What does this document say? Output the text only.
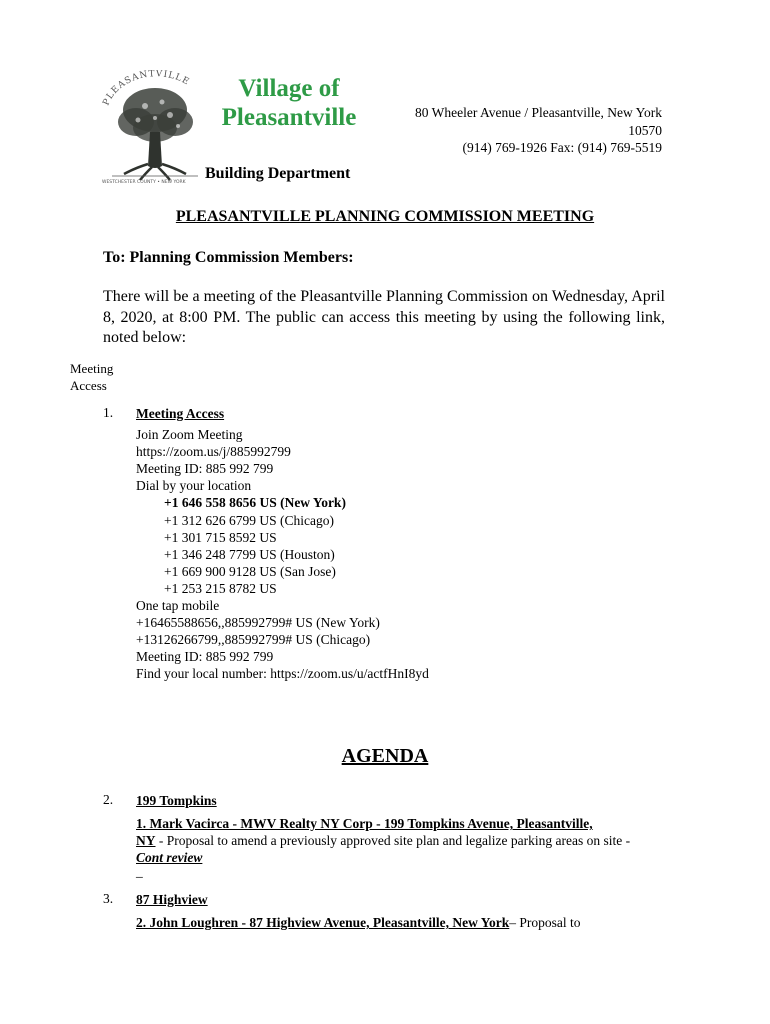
PLEASANTVILLE
WESTCHESTER COUNTY • NEW YORK
Village of
Pleasantville	80 Wheeler Avenue / Pleasantville, New York
10570
(914) 769-1926 Fax: (914) 769-5519
Building Department
PLEASANTVILLE PLANNING COMMISSION MEETING
To: Planning Commission Members:
There will be a meeting of the Pleasantville Planning Commission on Wednesday, April 8, 2020, at 8:00 PM. The public can access this meeting by using the following link, noted below:
Meeting
Access
1. Meeting Access
Join Zoom Meeting
https://zoom.us/j/885992799
Meeting ID: 885 992 799
Dial by your location
+1 646 558 8656 US (New York)
+1 312 626 6799 US (Chicago)
+1 301 715 8592 US
+1 346 248 7799 US (Houston)
+1 669 900 9128 US (San Jose)
+1 253 215 8782 US
One tap mobile
+16465588656,,885992799# US (New York)
+13126266799,,885992799# US (Chicago)
Meeting ID: 885 992 799
Find your local number: https://zoom.us/u/actfHnI8yd
AGENDA
2. 199 Tompkins
1. Mark Vacirca - MWV Realty NY Corp - 199 Tompkins Avenue, Pleasantville,
NY - Proposal to amend a previously approved site plan and legalize parking areas on site - Cont review
_
3. 87 Highview
2. John Loughren - 87 Highview Avenue, Pleasantville, New York– Proposal to
